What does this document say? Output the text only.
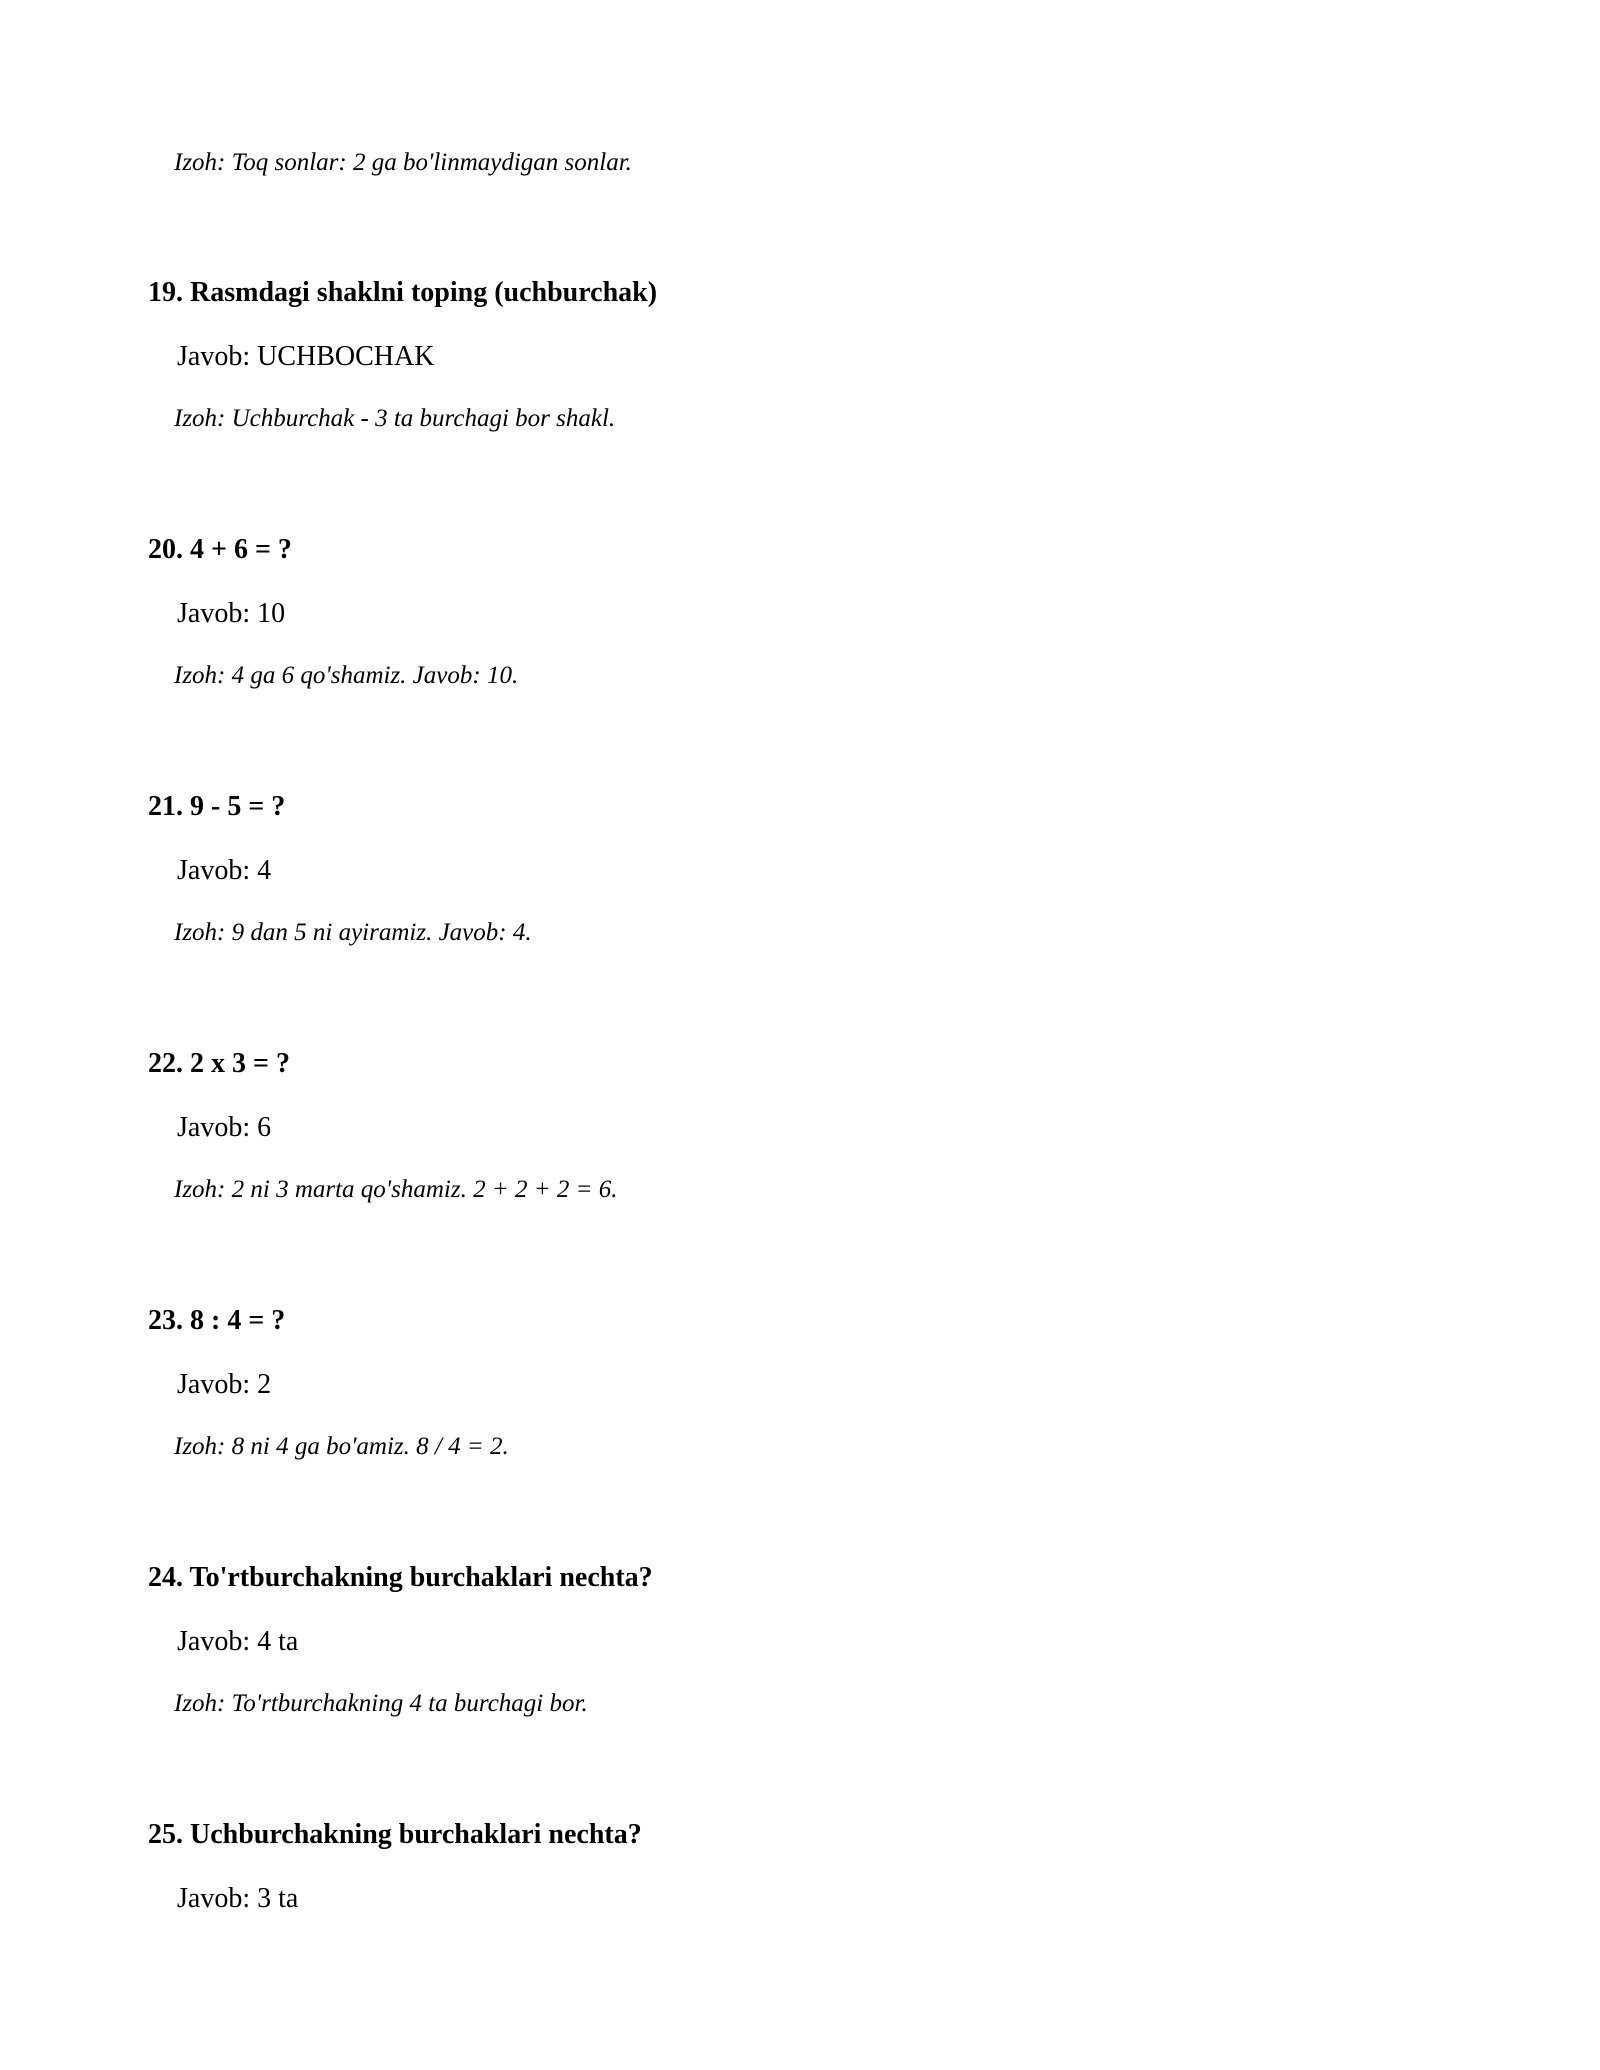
Izoh: Toq sonlar: 2 ga bo'linmaydigan sonlar.
19. Rasmdagi shaklni toping (uchburchak)
Javob: UCHBOCHAK
Izoh: Uchburchak - 3 ta burchagi bor shakl.
20. 4 + 6 = ?
Javob: 10
Izoh: 4 ga 6 qo'shamiz. Javob: 10.
21. 9 - 5 = ?
Javob: 4
Izoh: 9 dan 5 ni ayiramiz. Javob: 4.
22. 2 x 3 = ?
Javob: 6
Izoh: 2 ni 3 marta qo'shamiz. 2 + 2 + 2 = 6.
23. 8 : 4 = ?
Javob: 2
Izoh: 8 ni 4 ga bo'amiz. 8 / 4 = 2.
24. To'rtburchakning burchaklari nechta?
Javob: 4 ta
Izoh: To'rtburchakning 4 ta burchagi bor.
25. Uchburchakning burchaklari nechta?
Javob: 3 ta
